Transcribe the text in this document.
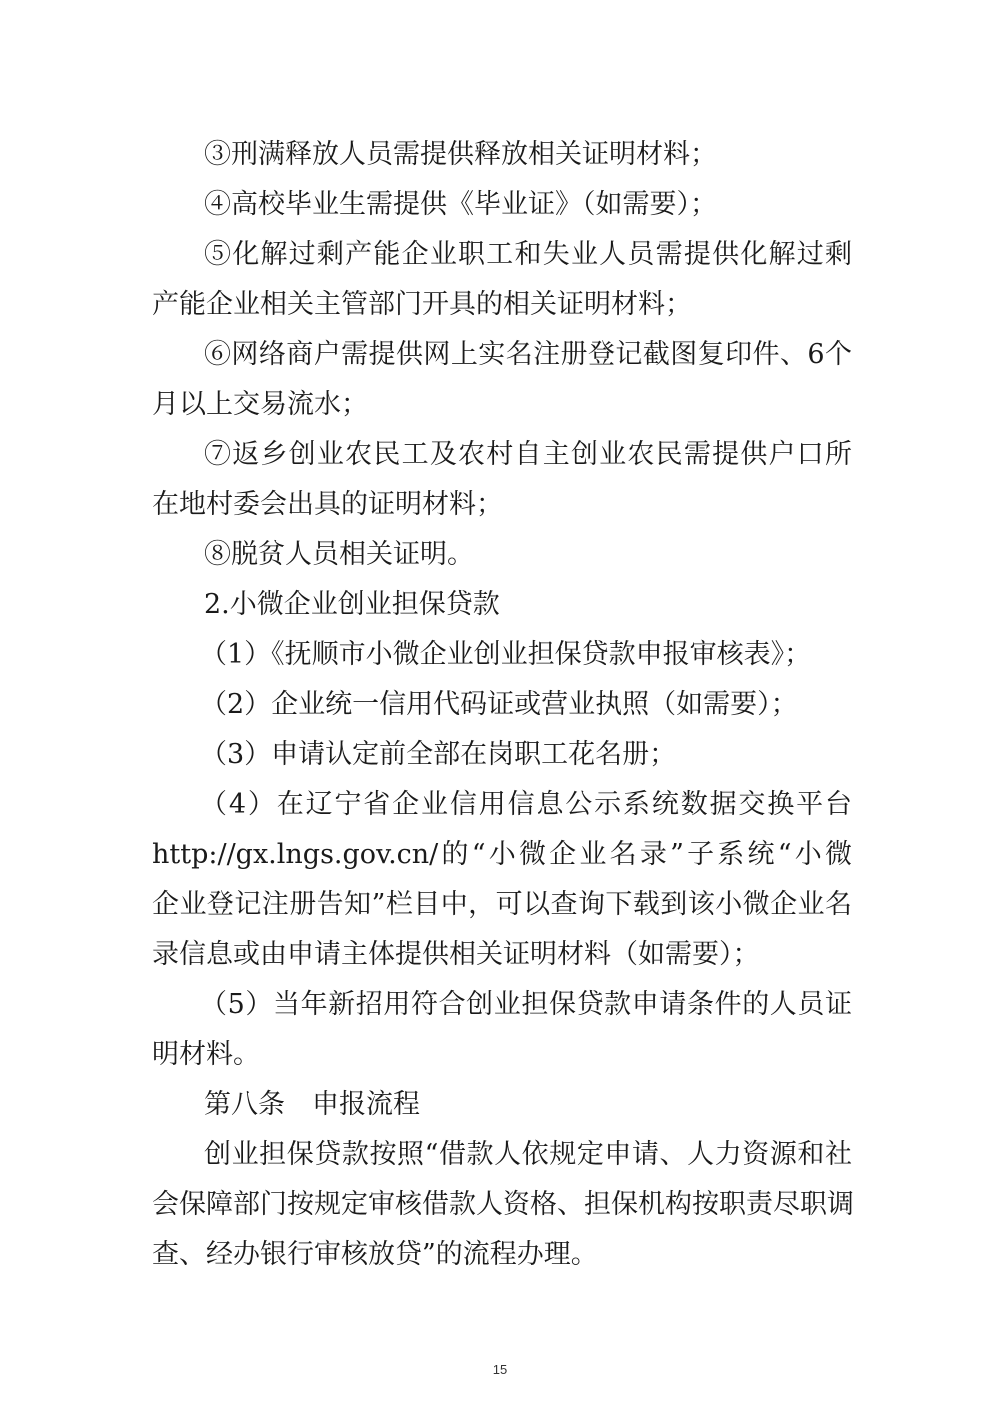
③刑满释放人员需提供释放相关证明材料；
④高校毕业生需提供《毕业证》（如需要）；
⑤化解过剩产能企业职工和失业人员需提供化解过剩
产能企业相关主管部门开具的相关证明材料；
⑥网络商户需提供网上实名注册登记截图复印件、6个
月以上交易流水；
⑦返乡创业农民工及农村自主创业农民需提供户口所
在地村委会出具的证明材料；
⑧脱贫人员相关证明。
2.小微企业创业担保贷款
（1）《抚顺市小微企业创业担保贷款申报审核表》；
（2）企业统一信用代码证或营业执照（如需要）；
（3）申请认定前全部在岗职工花名册；
（4）在辽宁省企业信用信息公示系统数据交换平台
http://gx.lngs.gov.cn/的“小微企业名录”子系统“小微
企业登记注册告知”栏目中，可以查询下载到该小微企业名
录信息或由申请主体提供相关证明材料（如需要）；
（5）当年新招用符合创业担保贷款申请条件的人员证
明材料。
第八条　申报流程
创业担保贷款按照“借款人依规定申请、人力资源和社
会保障部门按规定审核借款人资格、担保机构按职责尽职调
查、经办银行审核放贷”的流程办理。
15
